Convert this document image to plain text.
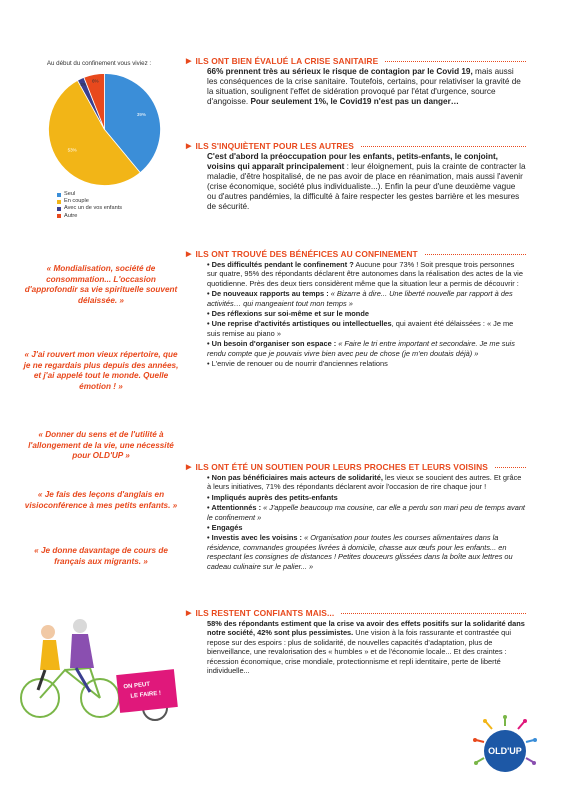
Au début du confinement vous viviez :
39%
53%
2%
6%
Seul
En couple
Avec un de vos enfants
Autre
« Mondialisation, société de consommation... L'occasion d'approfondir sa vie spirituelle souvent délaissée. »
« J'ai rouvert mon vieux répertoire, que je ne regardais plus depuis des années, et j'ai appelé tout le monde. Quelle émotion ! »
« Donner du sens et de l'utilité à l'allongement de la vie, une nécessité pour OLD'UP »
« Je fais des leçons d'anglais en visioconférence à mes petits enfants. »
« Je donne davantage de cours de français aux migrants. »
ON PEUT
LE FAIRE !
▶ ILS ONT BIEN ÉVALUÉ LA CRISE SANITAIRE

66% prennent très au sérieux le risque de contagion par le Covid 19, mais aussi les conséquences de la crise sanitaire. Toutefois, certains, pour relativiser la gravité de la situation, soulignent l'effet de sidération provoqué par l'état d'urgence, source d'angoisse. Pour seulement 1%, le Covid19 n'est pas un danger…

▶ ILS S'INQUIÈTENT POUR LES AUTRES

C'est d'abord la préoccupation pour les enfants, petits-enfants, le conjoint, voisins qui apparaît principalement : leur éloignement, puis la crainte de contracter la maladie, d'être hospitalisé, de ne pas avoir de place en réanimation, mais aussi l'avenir (crise économique, société plus individualiste...). Enfin la peur d'une deuxième vague ou d'autres pandémies, la difficulté à faire respecter les gestes barrière et les mesures de sécurité.

▶ ILS ONT TROUVÉ DES BÉNÉFICES AU CONFINEMENT

• Des difficultés pendant le confinement ? Aucune pour 73% ! Soit presque trois personnes sur quatre, 95% des répondants déclarent être autonomes dans la réalisation des actes de la vie quotidienne. Près des deux tiers considèrent même que la situation leur a permis de découvrir :

• De nouveaux rapports au temps : « Bizarre à dire... Une liberté nouvelle par rapport à des activités… qui mangeaient tout mon temps »

• Des réflexions sur soi-même et sur le monde

• Une reprise d'activités artistiques ou intellectuelles, qui avaient été délaissées : « Je me suis remise au piano »

• Un besoin d'organiser son espace : « Faire le tri entre important et secondaire. Je me suis rendu compte que je pouvais vivre bien avec peu de chose (je m'en doutais déjà) »

• L'envie de renouer ou de nourrir d'anciennes relations

▶ ILS ONT ÉTÉ UN SOUTIEN POUR LEURS PROCHES ET LEURS VOISINS

• Non pas bénéficiaires mais acteurs de solidarité, les vieux se soucient des autres. Et grâce à leurs initiatives, 71% des répondants déclarent avoir l'occasion de rire chaque jour !

• Impliqués auprès des petits-enfants

• Attentionnés : « J'appelle beaucoup ma cousine, car elle a perdu son mari peu de temps avant le confinement »

• Engagés

• Investis avec les voisins : « Organisation pour toutes les courses alimentaires dans la résidence, commandes groupées livrées à domicile, chasse aux œufs pour les enfants... en respectant les consignes de distances ! Petites douceurs glissées dans la boîte aux lettres ou cadeau culinaire sur le palier... »

▶ ILS RESTENT CONFIANTS MAIS...

58% des répondants estiment que la crise va avoir des effets positifs sur la solidarité dans notre société, 42% sont plus pessimistes. Une vision à la fois rassurante et contrastée qui repose sur des espoirs : plus de solidarité, de nouvelles capacités d'adaptation, plus de bienveillance, une revalorisation des « humbles » et de l'économie locale... Et des craintes : récession économique, crise mondiale, protectionnisme et repli identitaire, perte de liberté individuelle...

OLD'UP
